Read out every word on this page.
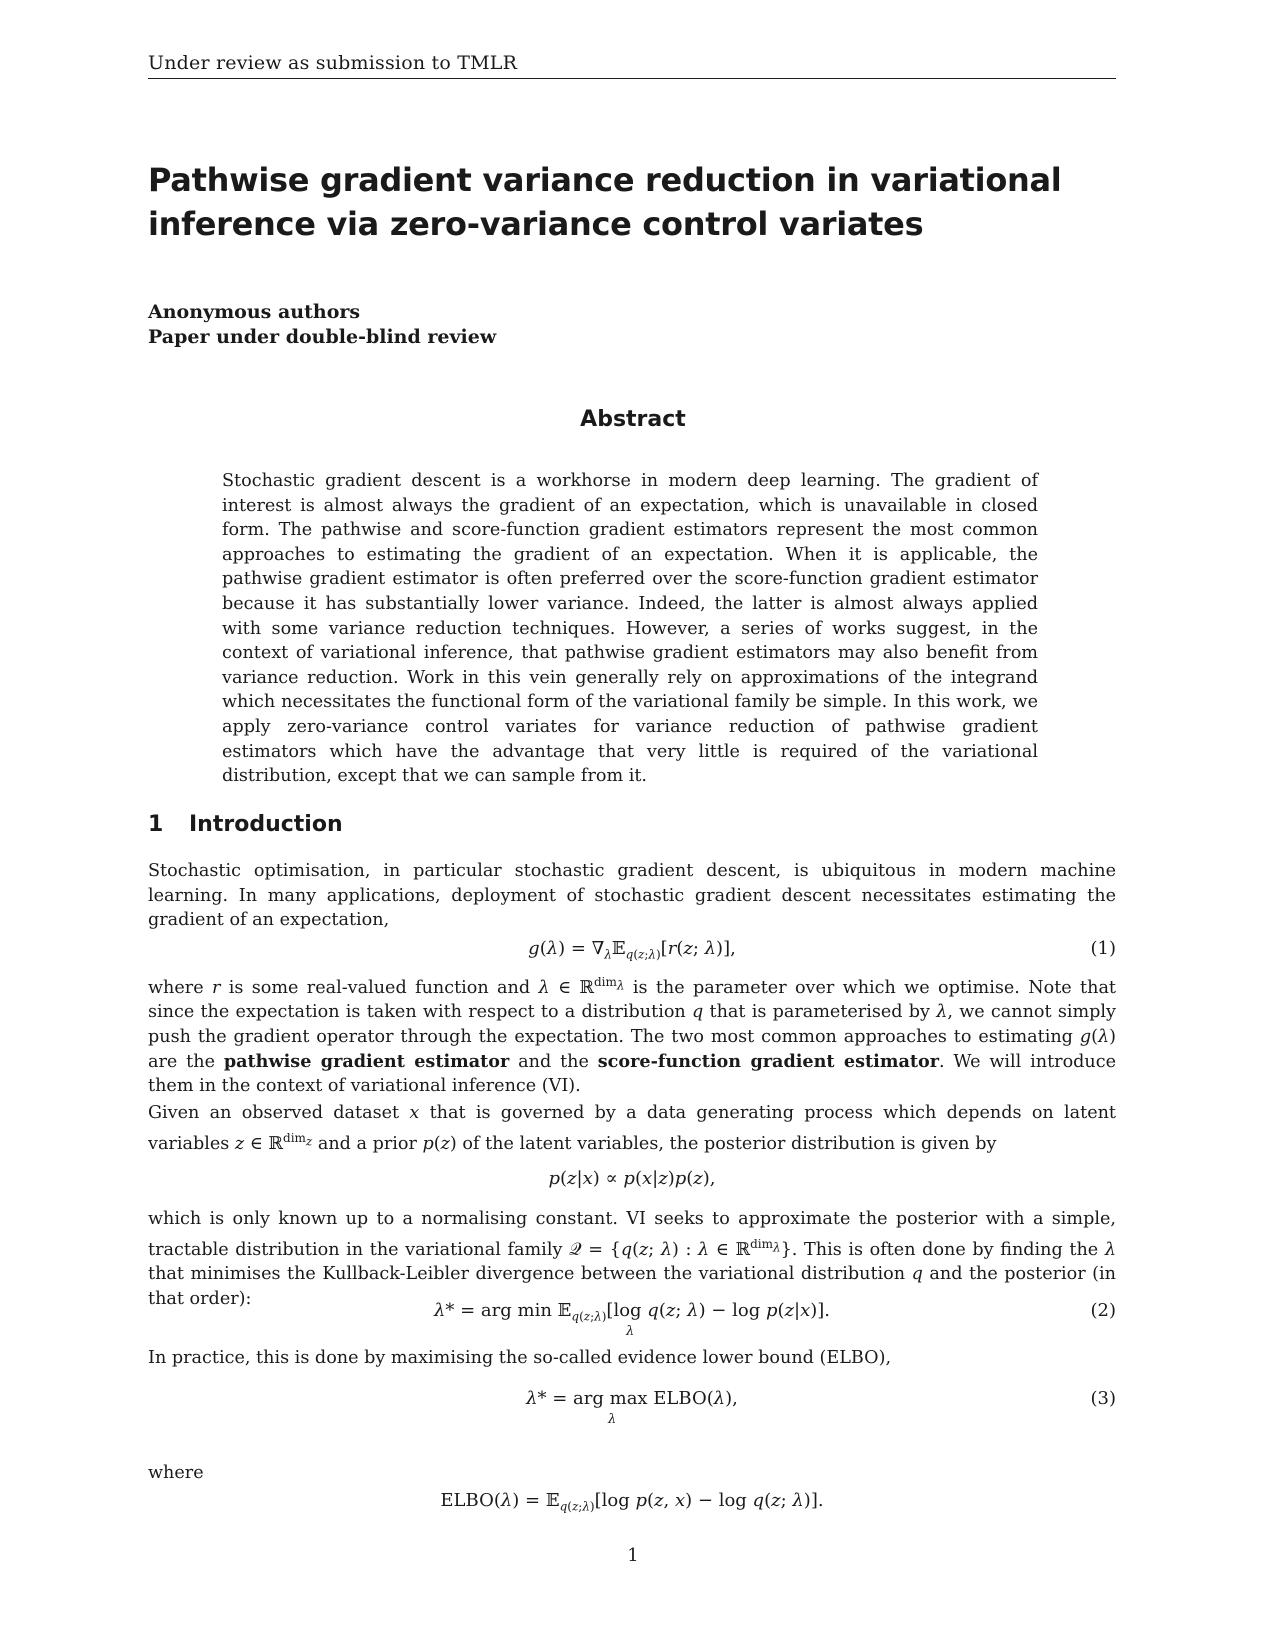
Under review as submission to TMLR
Pathwise gradient variance reduction in variational inference via zero-variance control variates
Anonymous authors
Paper under double-blind review
Abstract

Stochastic gradient descent is a workhorse in modern deep learning. The gradient of interest is almost always the gradient of an expectation, which is unavailable in closed form. The pathwise and score-function gradient estimators represent the most common approaches to estimating the gradient of an expectation. When it is applicable, the pathwise gradient estimator is often preferred over the score-function gradient estimator because it has substantially lower variance. Indeed, the latter is almost always applied with some variance reduction techniques. However, a series of works suggest, in the context of variational inference, that pathwise gradient estimators may also benefit from variance reduction. Work in this vein generally rely on approximations of the integrand which necessitates the functional form of the variational family be simple. In this work, we apply zero-variance control variates for variance reduction of pathwise gradient estimators which have the advantage that very little is required of the variational distribution, except that we can sample from it.

1 Introduction

Stochastic optimisation, in particular stochastic gradient descent, is ubiquitous in modern machine learning. In many applications, deployment of stochastic gradient descent necessitates estimating the gradient of an expectation,

$g(\lambda) = \nabla_\lambda 𝔼_{q(z;\lambda)}[r(z$; λ)],	(1)

where r is some real-valued function and λ ∈ ℝ$^{dim_\lambda}$ is the parameter over which we optimise. Note that since the expectation is taken with respect to a distribution q that is parameterised by λ, we cannot simply push the gradient operator through the expectation. The two most common approaches to estimating g(λ) are the pathwise gradient estimator and the score-function gradient estimator. We will introduce them in the context of variational inference (VI).

Given an observed dataset x that is governed by a data generating process which depends on latent variables z ∈ ℝ$^{dim_z}$ and a prior p(z) of the latent variables, the posterior distribution is given by

p(z|x) ∝ p(x|z)p(z),

which is only known up to a normalising constant. VI seeks to approximate the posterior with a simple, tractable distribution in the variational family 𝒬 = {q(z; λ) : λ ∈ ℝ$^{dim_\lambda}$}. This is often done by finding the λ that minimises the Kullback-Leibler divergence between the variational distribution q and the posterior (in that order):

λ* = arg min 𝔼$_{q(z;\lambda)}$[log q(z; λ) − log p(z|x)].
λ
(2)

In practice, this is done by maximising the so-called evidence lower bound (ELBO),

λ* = arg max ELBO(λ),
λ
(3)
where
ELBO(λ) = 𝔼$_{q(z;\lambda)}$[log p(z, x) − log q(z; λ)].
1
